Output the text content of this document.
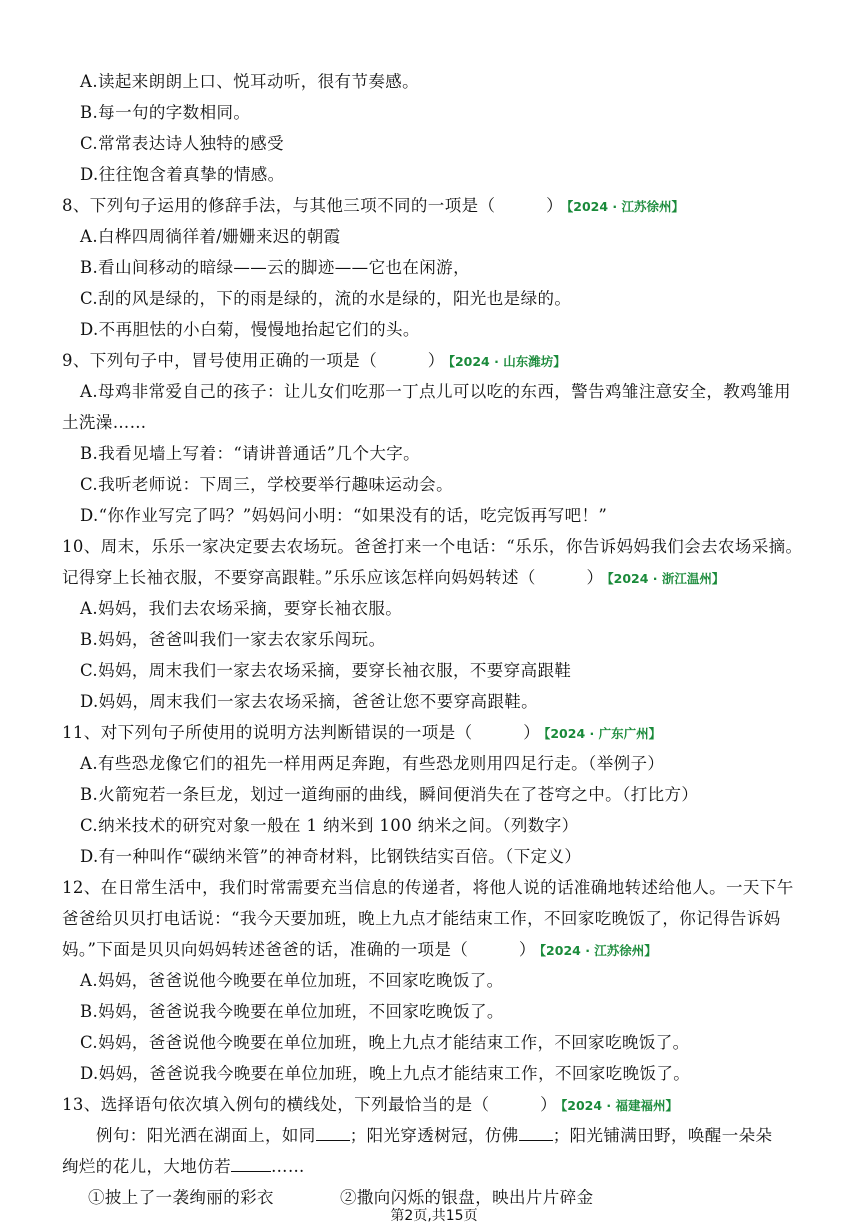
A.读起来朗朗上口、悦耳动听，很有节奏感。
B.每一句的字数相同。
C.常常表达诗人独特的感受
D.往往饱含着真挚的情感。
8、下列句子运用的修辞手法，与其他三项不同的一项是（　　　） 【2024 · 江苏徐州】
A.白桦四周徜徉着/姗姗来迟的朝霞
B.看山间移动的暗绿——云的脚迹——它也在闲游，
C.刮的风是绿的，下的雨是绿的，流的水是绿的，阳光也是绿的。
D.不再胆怯的小白菊，慢慢地抬起它们的头。
9、下列句子中，冒号使用正确的一项是（　　　） 【2024 · 山东潍坊】
A.母鸡非常爱自己的孩子：让儿女们吃那一丁点儿可以吃的东西，警告鸡雏注意安全，教鸡雏用
土洗澡……
B.我看见墙上写着：“请讲普通话”几个大字。
C.我听老师说：下周三，学校要举行趣味运动会。
D.“你作业写完了吗？”妈妈问小明：“如果没有的话，吃完饭再写吧！”
10、周末，乐乐一家决定要去农场玩。爸爸打来一个电话：“乐乐，你告诉妈妈我们会去农场采摘。
记得穿上长袖衣服，不要穿高跟鞋。”乐乐应该怎样向妈妈转述（　　　） 【2024 · 浙江温州】
A.妈妈，我们去农场采摘，要穿长袖衣服。
B.妈妈，爸爸叫我们一家去农家乐闯玩。
C.妈妈，周末我们一家去农场采摘，要穿长袖衣服，不要穿高跟鞋
D.妈妈，周末我们一家去农场采摘，爸爸让您不要穿高跟鞋。
11、对下列句子所使用的说明方法判断错误的一项是（　　　） 【2024 · 广东广州】
A.有些恐龙像它们的祖先一样用两足奔跑，有些恐龙则用四足行走。（举例子）
B.火箭宛若一条巨龙，划过一道绚丽的曲线，瞬间便消失在了苍穹之中。（打比方）
C.纳米技术的研究对象一般在 1 纳米到 100 纳米之间。（列数字）
D.有一种叫作“碳纳米管”的神奇材料，比钢铁结实百倍。（下定义）
12、在日常生活中，我们时常需要充当信息的传递者，将他人说的话准确地转述给他人。一天下午
爸爸给贝贝打电话说：“我今天要加班，晚上九点才能结束工作，不回家吃晚饭了，你记得告诉妈
妈。”下面是贝贝向妈妈转述爸爸的话，准确的一项是（　　　） 【2024 · 江苏徐州】
A.妈妈，爸爸说他今晚要在单位加班，不回家吃晚饭了。
B.妈妈，爸爸说我今晚要在单位加班，不回家吃晚饭了。
C.妈妈，爸爸说他今晚要在单位加班，晚上九点才能结束工作，不回家吃晚饭了。
D.妈妈，爸爸说我今晚要在单位加班，晚上九点才能结束工作，不回家吃晚饭了。
13、选择语句依次填入例句的横线处，下列最恰当的是（　　　） 【2024 · 福建福州】
例句：阳光洒在湖面上，如同 ；阳光穿透树冠，仿佛 ；阳光铺满田野，唤醒一朵朵
绚烂的花儿，大地仿若 ……
①披上了一袭绚丽的彩衣	②撒向闪烁的银盘，映出片片碎金
第2页,共15页
